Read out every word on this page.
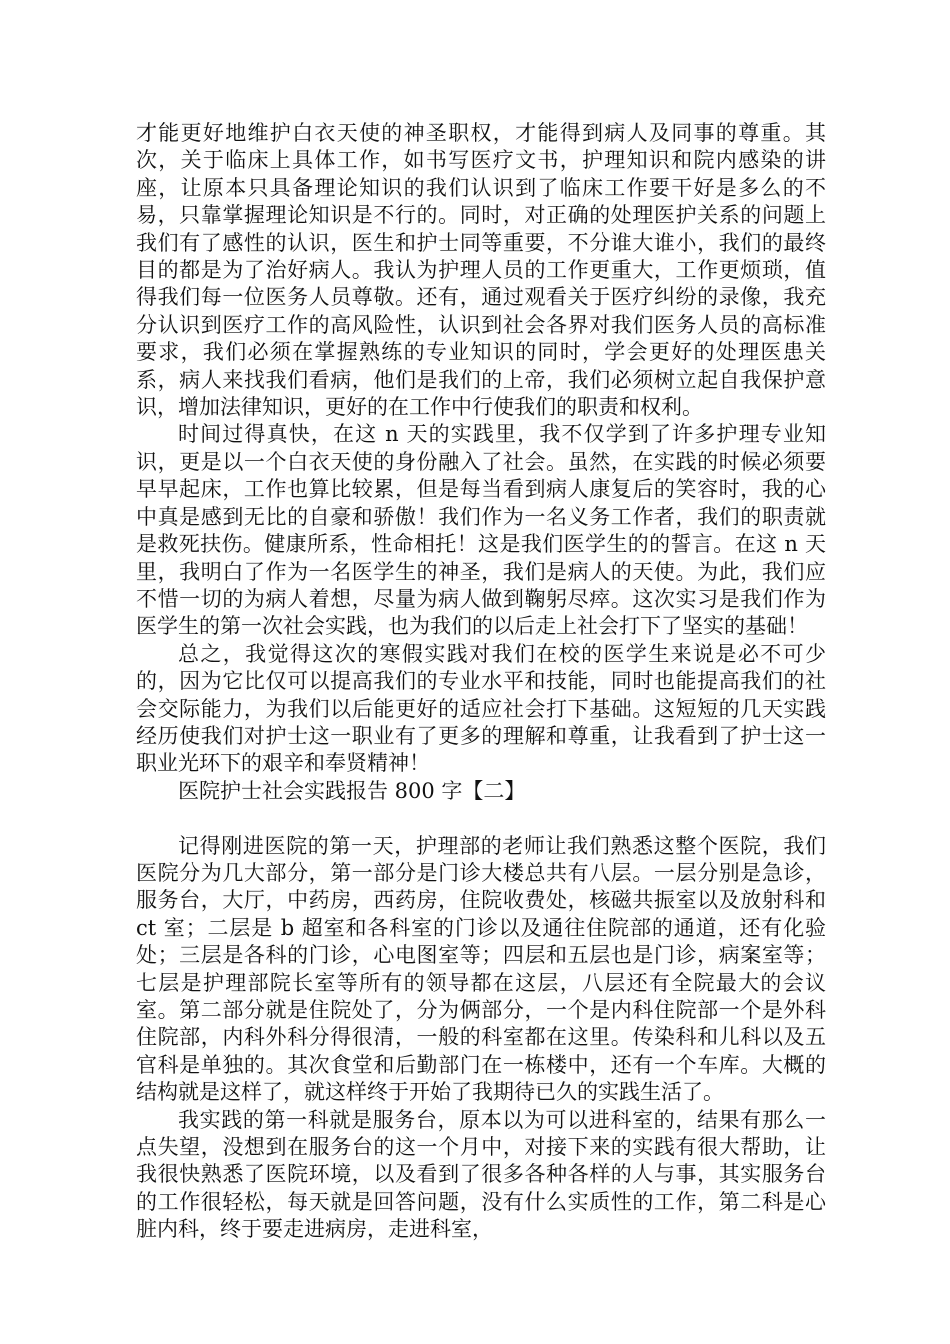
才能更好地维护白衣天使的神圣职权，才能得到病人及同事的尊重。其次，关于临床上具体工作，如书写医疗文书，护理知识和院内感染的讲座，让原本只具备理论知识的我们认识到了临床工作要干好是多么的不易，只靠掌握理论知识是不行的。同时，对正确的处理医护关系的问题上我们有了感性的认识，医生和护士同等重要，不分谁大谁小，我们的最终目的都是为了治好病人。我认为护理人员的工作更重大，工作更烦琐，值得我们每一位医务人员尊敬。还有，通过观看关于医疗纠纷的录像，我充分认识到医疗工作的高风险性，认识到社会各界对我们医务人员的高标准要求，我们必须在掌握熟练的专业知识的同时，学会更好的处理医患关系，病人来找我们看病，他们是我们的上帝，我们必须树立起自我保护意识，增加法律知识，更好的在工作中行使我们的职责和权利。

时间过得真快，在这 n 天的实践里，我不仅学到了许多护理专业知识，更是以一个白衣天使的身份融入了社会。虽然，在实践的时候必须要早早起床，工作也算比较累，但是每当看到病人康复后的笑容时，我的心中真是感到无比的自豪和骄傲！我们作为一名义务工作者，我们的职责就是救死扶伤。健康所系，性命相托！这是我们医学生的的誓言。在这 n 天里，我明白了作为一名医学生的神圣，我们是病人的天使。为此，我们应不惜一切的为病人着想，尽量为病人做到鞠躬尽瘁。这次实习是我们作为医学生的第一次社会实践，也为我们的以后走上社会打下了坚实的基础！

总之，我觉得这次的寒假实践对我们在校的医学生来说是必不可少的，因为它比仅可以提高我们的专业水平和技能，同时也能提高我们的社会交际能力，为我们以后能更好的适应社会打下基础。这短短的几天实践经历使我们对护士这一职业有了更多的理解和尊重，让我看到了护士这一职业光环下的艰辛和奉贤精神！

医院护士社会实践报告 800 字【二】

记得刚进医院的第一天，护理部的老师让我们熟悉这整个医院，我们医院分为几大部分，第一部分是门诊大楼总共有八层。一层分别是急诊，服务台，大厅，中药房，西药房，住院收费处，核磁共振室以及放射科和 ct 室；二层是 b 超室和各科室的门诊以及通往住院部的通道，还有化验处；三层是各科的门诊，心电图室等；四层和五层也是门诊，病案室等；七层是护理部院长室等所有的领导都在这层，八层还有全院最大的会议室。第二部分就是住院处了，分为俩部分，一个是内科住院部一个是外科住院部，内科外科分得很清，一般的科室都在这里。传染科和儿科以及五官科是单独的。其次食堂和后勤部门在一栋楼中，还有一个车库。大概的结构就是这样了，就这样终于开始了我期待已久的实践生活了。

我实践的第一科就是服务台，原本以为可以进科室的，结果有那么一点失望，没想到在服务台的这一个月中，对接下来的实践有很大帮助，让我很快熟悉了医院环境，以及看到了很多各种各样的人与事，其实服务台的工作很轻松，每天就是回答问题，没有什么实质性的工作，第二科是心脏内科，终于要走进病房，走进科室，
